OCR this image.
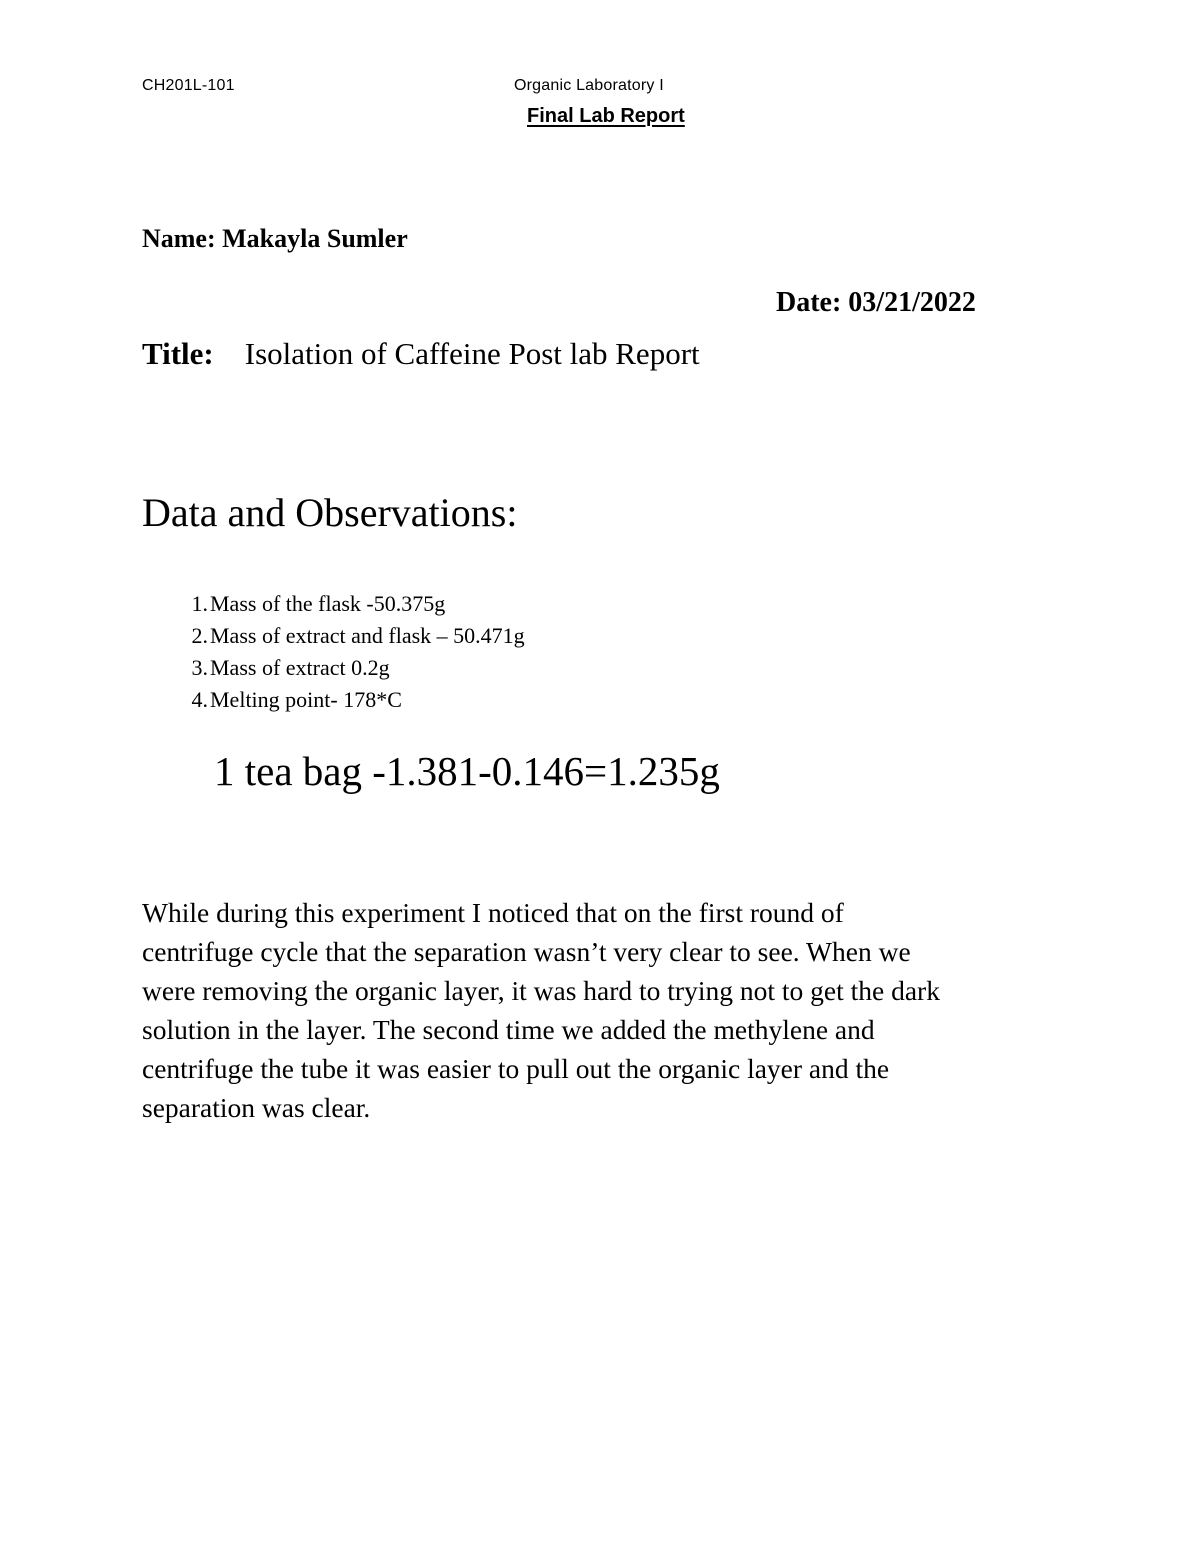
CH201L-101	Organic Laboratory I
Final Lab Report
Name: Makayla Sumler
Date: 03/21/2022
Title: Isolation of Caffeine Post lab Report
Data and Observations:
1. Mass of the flask -50.375g
2. Mass of extract and flask – 50.471g
3. Mass of extract 0.2g
4. Melting point- 178*C
1 tea bag -1.381-0.146=1.235g
While during this experiment I noticed that on the first round of
centrifuge cycle that the separation wasn’t very clear to see. When we
were removing the organic layer, it was hard to trying not to get the dark
solution in the layer. The second time we added the methylene and
centrifuge the tube it was easier to pull out the organic layer and the
separation was clear.
